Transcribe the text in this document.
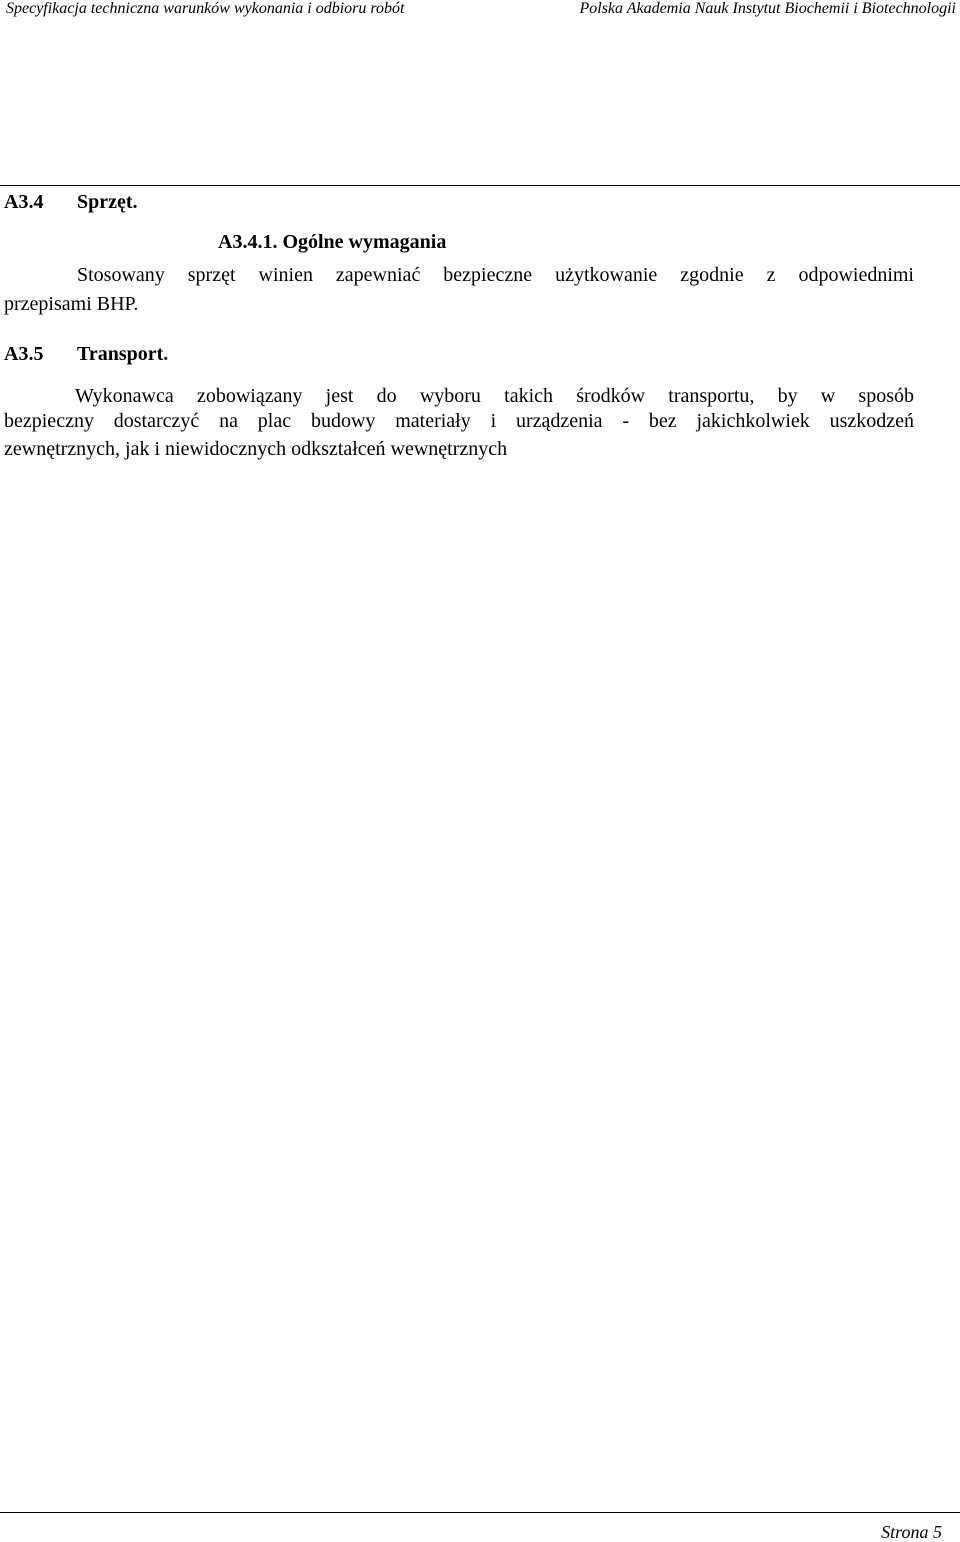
Specyfikacja techniczna warunków wykonania i odbioru robót	Polska Akademia Nauk Instytut Biochemii i Biotechnologii
A3.4 Sprzęt.
A3.4.1. Ogólne wymagania
Stosowany sprzęt winien zapewniać bezpieczne użytkowanie zgodnie z odpowiednimi
przepisami BHP.
A3.5 Transport.
Wykonawca zobowiązany jest do wyboru takich środków transportu, by w sposób
bezpieczny dostarczyć na plac budowy materiały i urządzenia - bez jakichkolwiek uszkodzeń
zewnętrznych, jak i niewidocznych odkształceń wewnętrznych
Strona 5
